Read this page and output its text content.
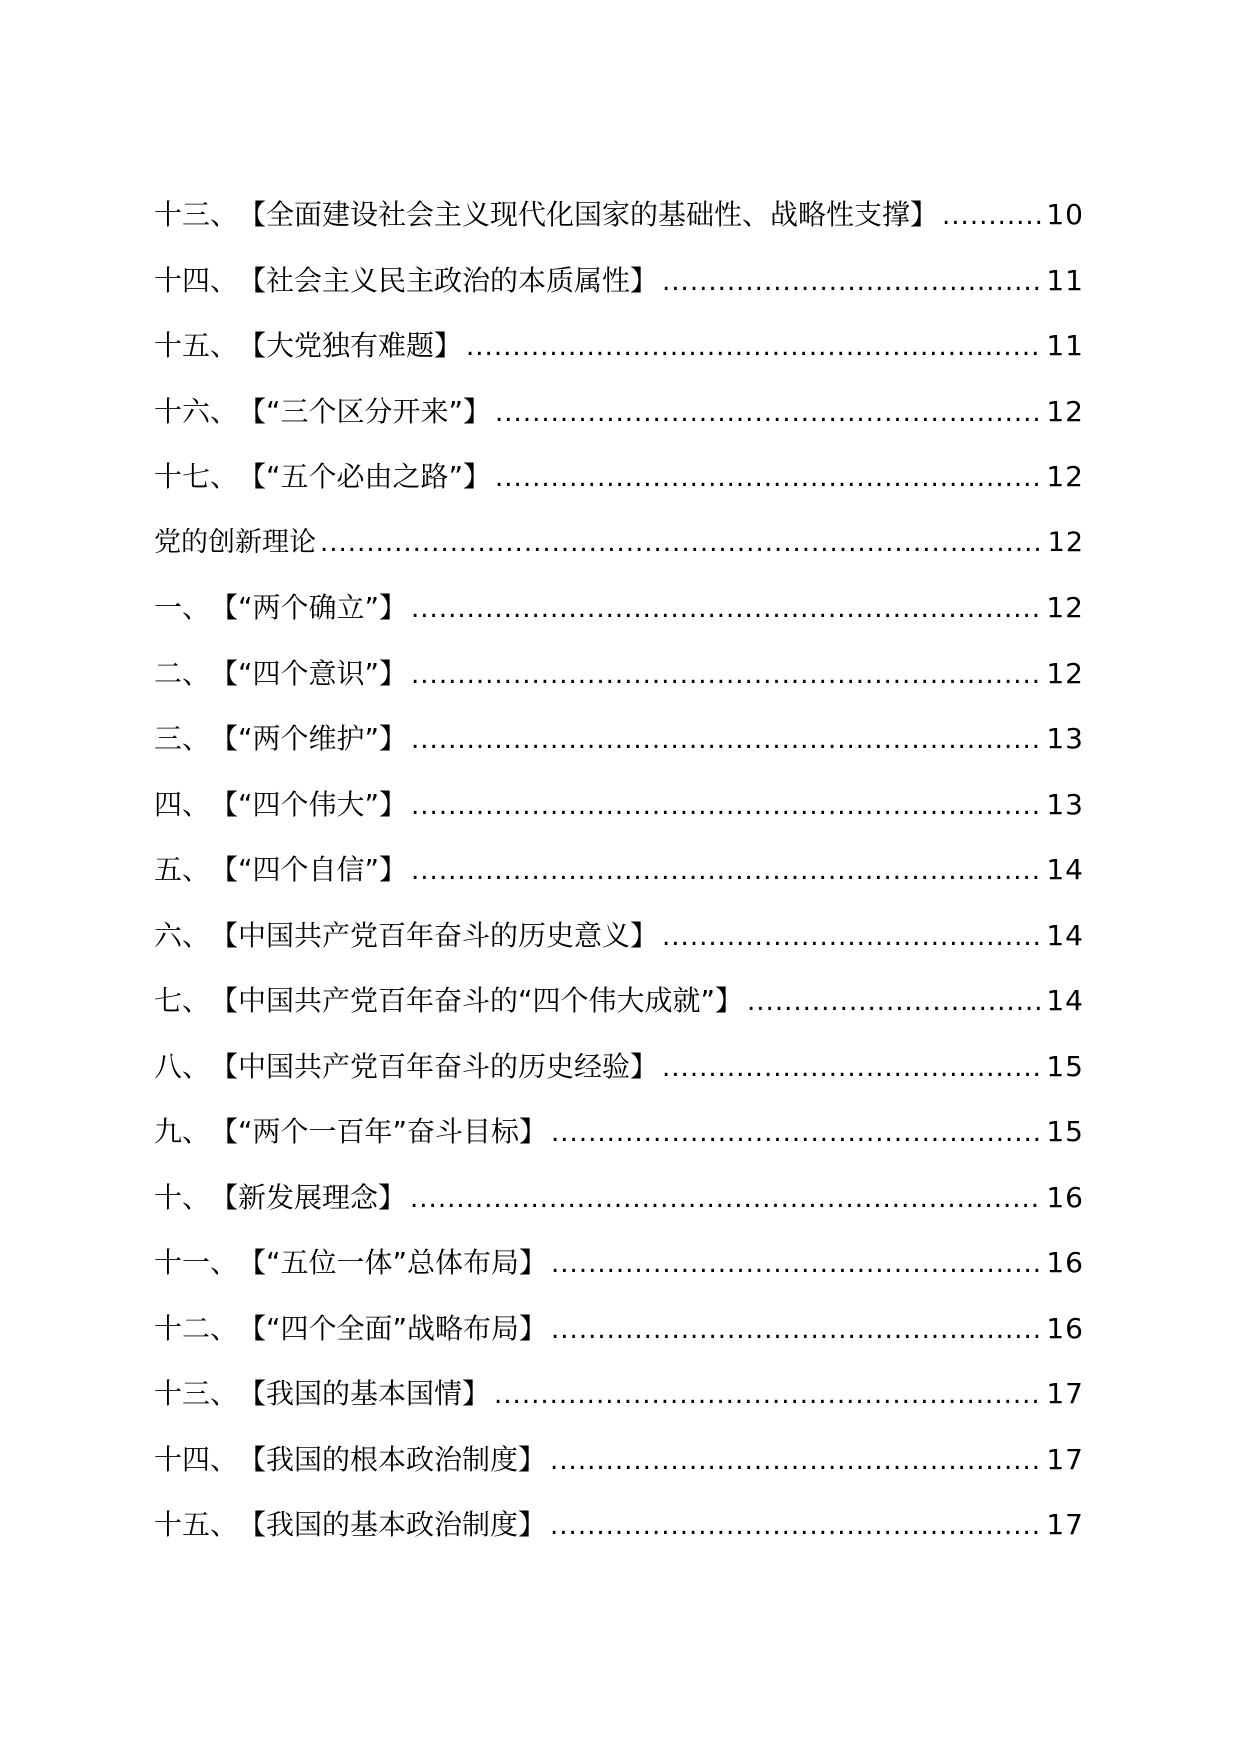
十三、 【全面建设社会主义现代化国家的基础性、战略性支撑】 .....	10
十四、 【社会主义民主政治的本质属性】 .....	11
十五、 【大党独有难题】 .....	11
十六、 【“三个区分开来”】 .....	12
十七、 【“五个必由之路”】 .....	12
党的创新理论 .....	12
一、 【“两个确立”】 .....	12
二、 【“四个意识”】 .....	12
三、 【“两个维护”】 .....	13
四、 【“四个伟大”】 .....	13
五、 【“四个自信”】 .....	14
六、 【中国共产党百年奋斗的历史意义】 .....	14
七、 【中国共产党百年奋斗的“四个伟大成就”】 .....	14
八、 【中国共产党百年奋斗的历史经验】 .....	15
九、 【“两个一百年”奋斗目标】 .....	15
十、 【新发展理念】 .....	16
十一、 【“五位一体”总体布局】 .....	16
十二、 【“四个全面”战略布局】 .....	16
十三、 【我国的基本国情】 .....	17
十四、 【我国的根本政治制度】 .....	17
十五、 【我国的基本政治制度】 .....	17
